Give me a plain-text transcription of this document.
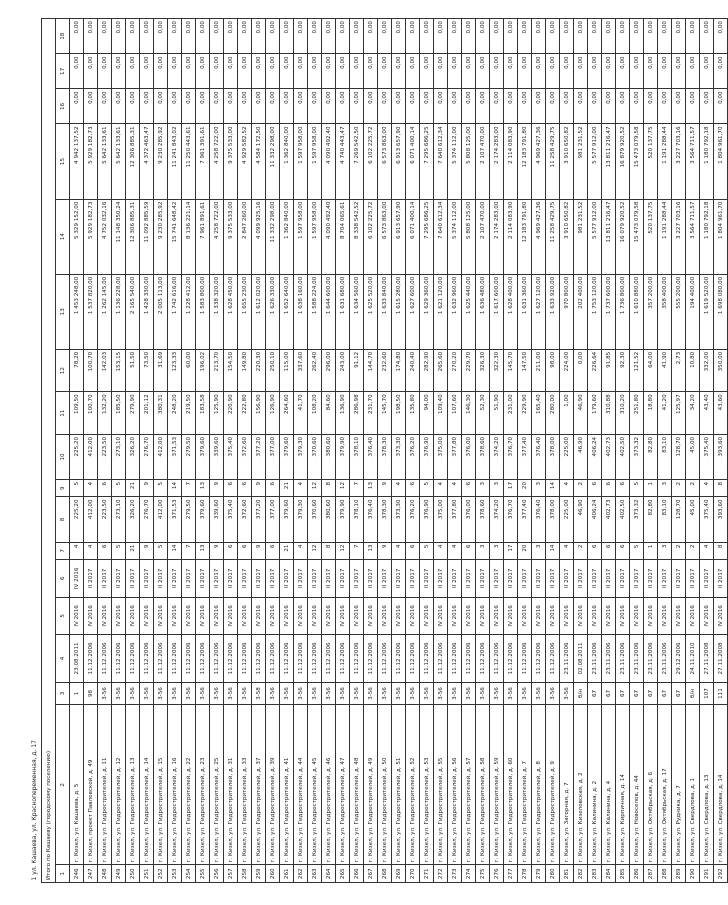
1 ул. Кашаева, ул. Краснопеременная, д. 17																	
Итого по Кашаеву (городскому поселению)																	
1	2	3	4	5	6	7	8	9	10	11	12	13	14	15	16	17	18
246	г. Кизел, ул. Кашаева, д. 5	1	23.08.2011	IV 2016	IV 2016	4	225,20	5	225,20	109,50	78,20	1 453 248,00	5 329 152,00	4 942 137,52	0,00	0,00	0,00
247	г. Кизел, проект Павловской, д. 49	98	11.12.2006	IV 2016	II 2017	4	412,00	4	412,00	100,70	100,70	1 537 820,00	5 929 182,73	5 929 182,73	0,00	0,00	0,00
248	г. Кизел, ул. Гидрострителей, д. 11	3-56	11.12.2006	IV 2016	II 2017	6	223,50	6	223,50	132,20	142,03	1 262 145,00	4 752 032,16	5 642 133,61	0,00	0,00	0,00
249	г. Кизел, ул. Гидрострителей, д. 12	3-56	11.12.2006	IV 2016	II 2017	5	273,10	5	273,10	185,50	153,15	1 136 228,00	11 148 350,24	5 642 133,61	0,00	0,00	0,00
250	г. Кизел, ул. Гидрострителей, д. 13	3-56	11.12.2006	IV 2016	II 2017	21	326,20	21	326,20	279,90	51,50	2 165 540,00	12 306 885,31	12 306 885,31	0,00	0,00	0,00
251	г. Кизел, ул. Гидрострителей, д. 14	3-56	11.12.2006	IV 2016	II 2017	9	276,70	9	276,70	201,12	73,50	1 428 330,00	11 092 885,59	4 372 463,47	0,00	0,00	0,00
252	г. Кизел, ул. Гидрострителей, д. 15	3-56	11.12.2006	IV 2016	II 2017	5	412,00	5	412,00	380,31	31,69	2 005 113,00	9 230 285,92	9 230 285,92	0,00	0,00	0,00
253	г. Кизел, ул. Гидрострителей, д. 16	3-56	11.12.2006	IV 2016	II 2017	14	371,53	14	371,53	248,20	123,33	1 742 616,00	15 741 648,42	11 241 843,02	0,00	0,00	0,00
254	г. Кизел, ул. Гидрострителей, д. 22	3-56	11.12.2006	IV 2016	II 2017	7	279,50	7	279,50	219,50	60,00	1 228 412,00	8 136 221,14	11 250 443,61	0,00	0,00	0,00
255	г. Кизел, ул. Гидрострителей, д. 23	3-56	11.12.2006	IV 2016	II 2017	13	379,60	13	379,60	183,58	196,02	1 583 800,00	7 961 891,61	7 961 391,61	0,00	0,00	0,00
256	г. Кизел, ул. Гидрострителей, д. 25	3-56	11.12.2006	IV 2016	II 2017	9	339,60	9	339,60	125,90	213,70	1 338 320,00	4 258 722,00	4 258 722,00	0,00	0,00	0,00
257	г. Кизел, ул. Гидрострителей, д. 31	3-56	11.12.2006	IV 2016	II 2017	6	375,40	6	375,40	220,90	154,50	1 628 450,00	9 375 533,00	9 375 533,00	0,00	0,00	0,00
258	г. Кизел, ул. Гидрострителей, д. 33	3-56	11.12.2006	IV 2016	II 2017	6	372,60	6	372,60	222,80	149,80	1 655 230,00	2 847 260,00	4 929 582,52	0,00	0,00	0,00
259	г. Кизел, ул. Гидрострителей, д. 37	3-58	11.12.2006	IV 2016	II 2017	9	377,20	9	377,20	156,90	220,30	1 612 020,00	4 099 925,16	4 584 172,50	0,00	0,00	0,00
260	г. Кизел, ул. Гидрострителей, д. 39	3-56	11.12.2006	IV 2016	II 2017	6	377,00	6	377,00	126,90	250,10	1 626 330,00	11 332 298,00	11 332 298,00	0,00	0,00	0,00
261	г. Кизел, ул. Гидрострителей, д. 41	3-56	11.12.2006	IV 2016	II 2017	21	379,60	21	379,60	264,60	115,00	1 652 640,00	1 362 840,00	1 362 840,00	0,00	0,00	0,00
262	г. Кизел, ул. Гидрострителей, д. 44	3-56	11.12.2006	IV 2016	II 2017	4	379,30	4	379,30	41,70	337,60	1 638 160,00	1 597 958,00	1 597 958,00	0,00	0,00	0,00
263	г. Кизел, ул. Гидрострителей, д. 45	3-56	11.12.2006	IV 2016	II 2017	12	370,60	12	370,60	108,20	262,40	1 588 224,00	1 597 958,00	1 597 958,00	0,00	0,00	0,00
264	г. Кизел, ул. Гидрострителей, д. 46	3-56	11.12.2006	IV 2016	II 2017	8	380,60	8	380,60	84,60	296,00	1 644 600,00	4 090 492,40	4 090 492,40	0,00	0,00	0,00
265	г. Кизел, ул. Гидрострителей, д. 47	3-56	11.12.2006	IV 2016	II 2017	12	379,90	12	379,90	136,90	243,00	1 631 680,00	8 704 065,61	4 740 443,47	0,00	0,00	0,00
266	г. Кизел, ул. Гидрострителей, д. 48	3-56	11.12.2006	IV 2016	II 2017	7	378,10	7	378,10	286,98	91,12	1 634 560,00	8 338 542,52	7 269 542,50	0,00	0,00	0,00
267	г. Кизел, ул. Гидрострителей, д. 49	3-56	11.12.2006	IV 2016	II 2017	13	376,40	13	376,40	231,70	144,70	1 625 520,00	6 102 225,72	6 102 225,72	0,00	0,00	0,00
268	г. Кизел, ул. Гидрострителей, д. 50	3-56	11.12.2006	IV 2016	II 2017	9	378,30	9	378,30	145,70	232,60	1 633 840,00	6 573 863,00	6 573 863,00	0,00	0,00	0,00
269	г. Кизел, ул. Гидрострителей, д. 51	3-56	11.12.2006	IV 2016	II 2017	4	373,30	4	373,30	198,50	174,80	1 615 280,00	6 913 657,90	6 913 657,90	0,00	0,00	0,00
270	г. Кизел, ул. Гидрострителей, д. 52	3-56	11.12.2006	IV 2016	II 2017	6	376,20	6	376,20	135,80	240,40	1 627 600,00	6 071 400,14	6 071 400,14	0,00	0,00	0,00
271	г. Кизел, ул. Гидрострителей, д. 53	3-56	11.12.2006	IV 2016	II 2017	5	376,90	5	376,90	94,00	282,90	1 629 360,00	7 295 686,25	7 295 686,25	0,00	0,00	0,00
272	г. Кизел, ул. Гидрострителей, д. 55	3-56	11.12.2006	IV 2016	II 2017	4	375,00	4	375,00	109,40	265,60	1 621 120,00	7 640 612,34	7 640 612,34	0,00	0,00	0,00
273	г. Кизел, ул. Гидрострителей, д. 56	3-56	11.12.2006	IV 2016	II 2017	4	377,80	4	377,80	107,60	270,20	1 632 960,00	5 374 112,00	5 374 112,00	0,00	0,00	0,00
274	г. Кизел, ул. Гидрострителей, д. 57	3-56	11.12.2006	IV 2016	II 2017	6	376,00	6	376,00	146,30	229,70	1 625 440,00	5 808 125,00	5 808 125,00	0,00	0,00	0,00
275	г. Кизел, ул. Гидрострителей, д. 58	3-56	11.12.2006	IV 2016	II 2017	3	378,60	3	378,60	52,30	326,30	1 636 480,00	2 107 470,00	2 107 470,00	0,00	0,00	0,00
276	г. Кизел, ул. Гидрострителей, д. 59	3-56	11.12.2006	IV 2016	II 2017	3	374,20	3	374,20	51,90	322,30	1 617 600,00	2 174 283,00	2 174 283,00	0,00	0,00	0,00
277	г. Кизел, ул. Гидрострителей, д. 60	3-56	11.12.2006	IV 2016	II 2017	17	376,70	17	376,70	231,00	145,70	1 628 400,00	2 114 083,90	2 114 083,90	0,00	0,00	0,00
278	г. Кизел, ул. Гидрострителей, д. 7	3-56	11.12.2006	IV 2016	II 2017	20	377,40	20	377,40	229,90	147,50	1 631 360,00	12 183 791,80	12 183 791,80	0,00	0,00	0,00
279	г. Кизел, ул. Гидрострителей, д. 8	3-56	11.12.2006	IV 2016	II 2017	3	376,40	3	376,40	165,40	211,00	1 627 120,00	4 969 427,36	4 969 427,36	0,00	0,00	0,00
280	г. Кизел, ул. Гидрострителей, д. 9	3-56	11.12.2006	IV 2016	II 2017	14	378,00	14	378,00	280,00	98,00	1 633 920,00	11 258 429,75	11 258 429,75	0,00	0,00	0,00
281	г. Кизел, ул. Загорная, д. 7	3-56	23.11.2006	IV 2016	II 2017	4	225,00	4	225,00	1,00	224,00	970 800,00	3 910 650,82	3 910 650,82	0,00	0,00	0,00
282	г. Кизел, ул. Кизеловская, д. 2	б/н	02.08.2011	IV 2016	II 2017	2	46,90	2	46,90	46,90	0,00	202 400,00	981 231,52	981 231,52	0,00	0,00	0,00
283	г. Кизел, ул. Калинина, д. 2	67	23.11.2006	IV 2016	II 2017	6	406,24	6	406,24	179,60	226,64	1 753 120,00	5 577 912,00	5 577 912,00	0,00	0,00	0,00
284	г. Кизел, ул. Калинина, д. 4	67	23.11.2006	IV 2016	II 2017	6	402,73	6	402,73	310,88	91,85	1 737 600,00	13 811 216,47	13 811 216,47	0,00	0,00	0,00
285	г. Кизел, ул. Кирпичная, д. 14	67	23.11.2006	IV 2016	II 2017	6	402,50	6	402,50	310,20	92,30	1 736 800,00	16 079 920,52	16 879 920,52	0,00	0,00	0,00
286	г. Кизел, ул. Новоселов, д. 44	67	23.11.2006	IV 2016	II 2017	5	373,32	5	373,32	251,80	121,52	1 610 880,00	15 473 079,58	15 473 079,58	0,00	0,00	0,00
287	г. Кизел, ул. Октябрьская, д. 6	67	23.11.2006	IV 2016	II 2017	1	82,80	1	82,80	18,80	64,00	357 200,00	520 137,75	520 137,75	0,00	0,00	0,00
288	г. Кизел, ул. Октябрьская, д. 17	67	23.11.2006	IV 2016	II 2017	3	83,10	3	83,10	41,20	41,90	358 400,00	1 191 288,44	1 191 288,44	0,00	0,00	0,00
289	г. Кизел, ул. Рудника, д. 7	67	29.12.2006	IV 2016	II 2017	2	128,70	2	128,70	125,97	2,73	555 200,00	3 227 703,16	3 227 703,16	0,00	0,00	0,00
290	г. Кизел, ул. Свердлова, д. 1	б/н	24.11.2010	IV 2016	II 2017	2	45,00	2	45,00	34,20	10,80	194 400,00	3 564 711,57	3 564 711,57	0,00	0,00	0,00
291	г. Кизел, ул. Свердлова, д. 13	107	27.11.2008	IV 2016	II 2017	4	375,40	4	375,40	43,40	332,00	1 619 520,00	1 180 792,18	1 180 792,18	0,00	0,00	0,00
292	г. Кизел, ул. Свердлова, д. 14	111	27.11.2008	IV 2016	II 2017	8	393,60	8	393,60	43,60	350,00	1 698 080,00	1 804 961,70	1 804 961,70	0,00	0,00	0,00
